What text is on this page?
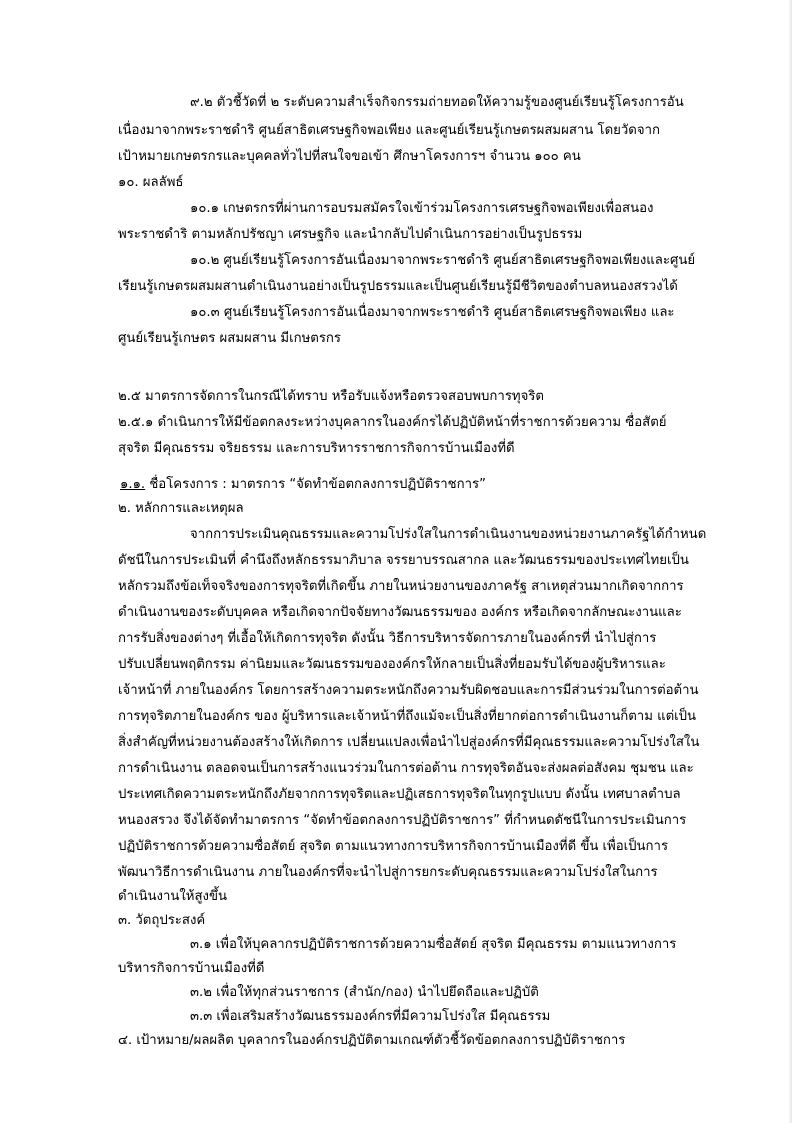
๙.๒ ตัวชี้วัดที่ ๒ ระดับความสำเร็จกิจกรรมถ่ายทอดให้ความรู้ของศูนย์เรียนรู้โครงการอัน
เนื่องมาจากพระราชดำริ ศูนย์สาธิตเศรษฐกิจพอเพียง และศูนย์เรียนรู้เกษตรผสมผสาน โดยวัดจาก
เป้าหมายเกษตรกรและบุคคลทั่วไปที่สนใจขอเข้า ศึกษาโครงการฯ จำนวน ๑๐๐ คน
๑๐. ผลลัพธ์
๑๐.๑ เกษตรกรที่ผ่านการอบรมสมัครใจเข้าร่วมโครงการเศรษฐกิจพอเพียงเพื่อสนอง
พระราชดำริ ตามหลักปรัชญา เศรษฐกิจ และนำกลับไปดำเนินการอย่างเป็นรูปธรรม
๑๐.๒ ศูนย์เรียนรู้โครงการอันเนื่องมาจากพระราชดำริ ศูนย์สาธิตเศรษฐกิจพอเพียงและศูนย์
เรียนรู้เกษตรผสมผสานดำเนินงานอย่างเป็นรูปธรรมและเป็นศูนย์เรียนรู้มีชีวิตของตำบลหนองสรวงได้
๑๐.๓ ศูนย์เรียนรู้โครงการอันเนื่องมาจากพระราชดำริ ศูนย์สาธิตเศรษฐกิจพอเพียง และ
ศูนย์เรียนรู้เกษตร ผสมผสาน มีเกษตรกร
๒.๕ มาตรการจัดการในกรณีได้ทราบ หรือรับแจ้งหรือตรวจสอบพบการทุจริต
๒.๕.๑ ดำเนินการให้มีข้อตกลงระหว่างบุคลากรในองค์กรได้ปฏิบัติหน้าที่ราชการด้วยความ ซื่อสัตย์
สุจริต มีคุณธรรม จริยธรรม และการบริหารราชการกิจการบ้านเมืองที่ดี
๑.๑. ชื่อโครงการ : มาตรการ “จัดทำข้อตกลงการปฏิบัติราชการ”
๒. หลักการและเหตุผล
จากการประเมินคุณธรรมและความโปร่งใสในการดำเนินงานของหน่วยงานภาครัฐได้กำหนด
ดัชนีในการประเมินที่ คำนึงถึงหลักธรรมาภิบาล จรรยาบรรณสากล และวัฒนธรรมของประเทศไทยเป็น
หลักรวมถึงข้อเท็จจริงของการทุจริตที่เกิดขึ้น ภายในหน่วยงานของภาครัฐ สาเหตุส่วนมากเกิดจากการ
ดำเนินงานของระดับบุคคล หรือเกิดจากปัจจัยทางวัฒนธรรมของ องค์กร หรือเกิดจากลักษณะงานและ
การรับสิ่งของต่างๆ ที่เอื้อให้เกิดการทุจริต ดังนั้น วิธีการบริหารจัดการภายในองค์กรที่ นำไปสู่การ
ปรับเปลี่ยนพฤติกรรม ค่านิยมและวัฒนธรรมขององค์กรให้กลายเป็นสิ่งที่ยอมรับได้ของผู้บริหารและ
เจ้าหน้าที่ ภายในองค์กร โดยการสร้างความตระหนักถึงความรับผิดชอบและการมีส่วนร่วมในการต่อต้าน
การทุจริตภายในองค์กร ของ ผู้บริหารและเจ้าหน้าที่ถึงแม้จะเป็นสิ่งที่ยากต่อการดำเนินงานก็ตาม แต่เป็น
สิ่งสำคัญที่หน่วยงานต้องสร้างให้เกิดการ เปลี่ยนแปลงเพื่อนำไปสู่องค์กรที่มีคุณธรรมและความโปร่งใสใน
การดำเนินงาน ตลอดจนเป็นการสร้างแนวร่วมในการต่อต้าน การทุจริตอันจะส่งผลต่อสังคม ชุมชน และ
ประเทศเกิดความตระหนักถึงภัยจากการทุจริตและปฏิเสธการทุจริตในทุกรูปแบบ ดังนั้น เทศบาลตำบล
หนองสรวง จึงได้จัดทำมาตรการ “จัดทำข้อตกลงการปฏิบัติราชการ” ที่กำหนดดัชนีในการประเมินการ
ปฏิบัติราชการด้วยความซื่อสัตย์ สุจริต ตามแนวทางการบริหารกิจการบ้านเมืองที่ดี ขึ้น เพื่อเป็นการ
พัฒนาวิธีการดำเนินงาน ภายในองค์กรที่จะนำไปสู่การยกระดับคุณธรรมและความโปร่งใสในการ
ดำเนินงานให้สูงขึ้น
๓. วัตถุประสงค์
๓.๑ เพื่อให้บุคลากรปฏิบัติราชการด้วยความซื่อสัตย์ สุจริต มีคุณธรรม ตามแนวทางการ
บริหารกิจการบ้านเมืองที่ดี
๓.๒ เพื่อให้ทุกส่วนราชการ (สำนัก/กอง) นำไปยึดถือและปฏิบัติ
๓.๓ เพื่อเสริมสร้างวัฒนธรรมองค์กรที่มีความโปร่งใส มีคุณธรรม
๔. เป้าหมาย/ผลผลิต บุคลากรในองค์กรปฏิบัติตามเกณฑ์ตัวชี้วัดข้อตกลงการปฏิบัติราชการ
